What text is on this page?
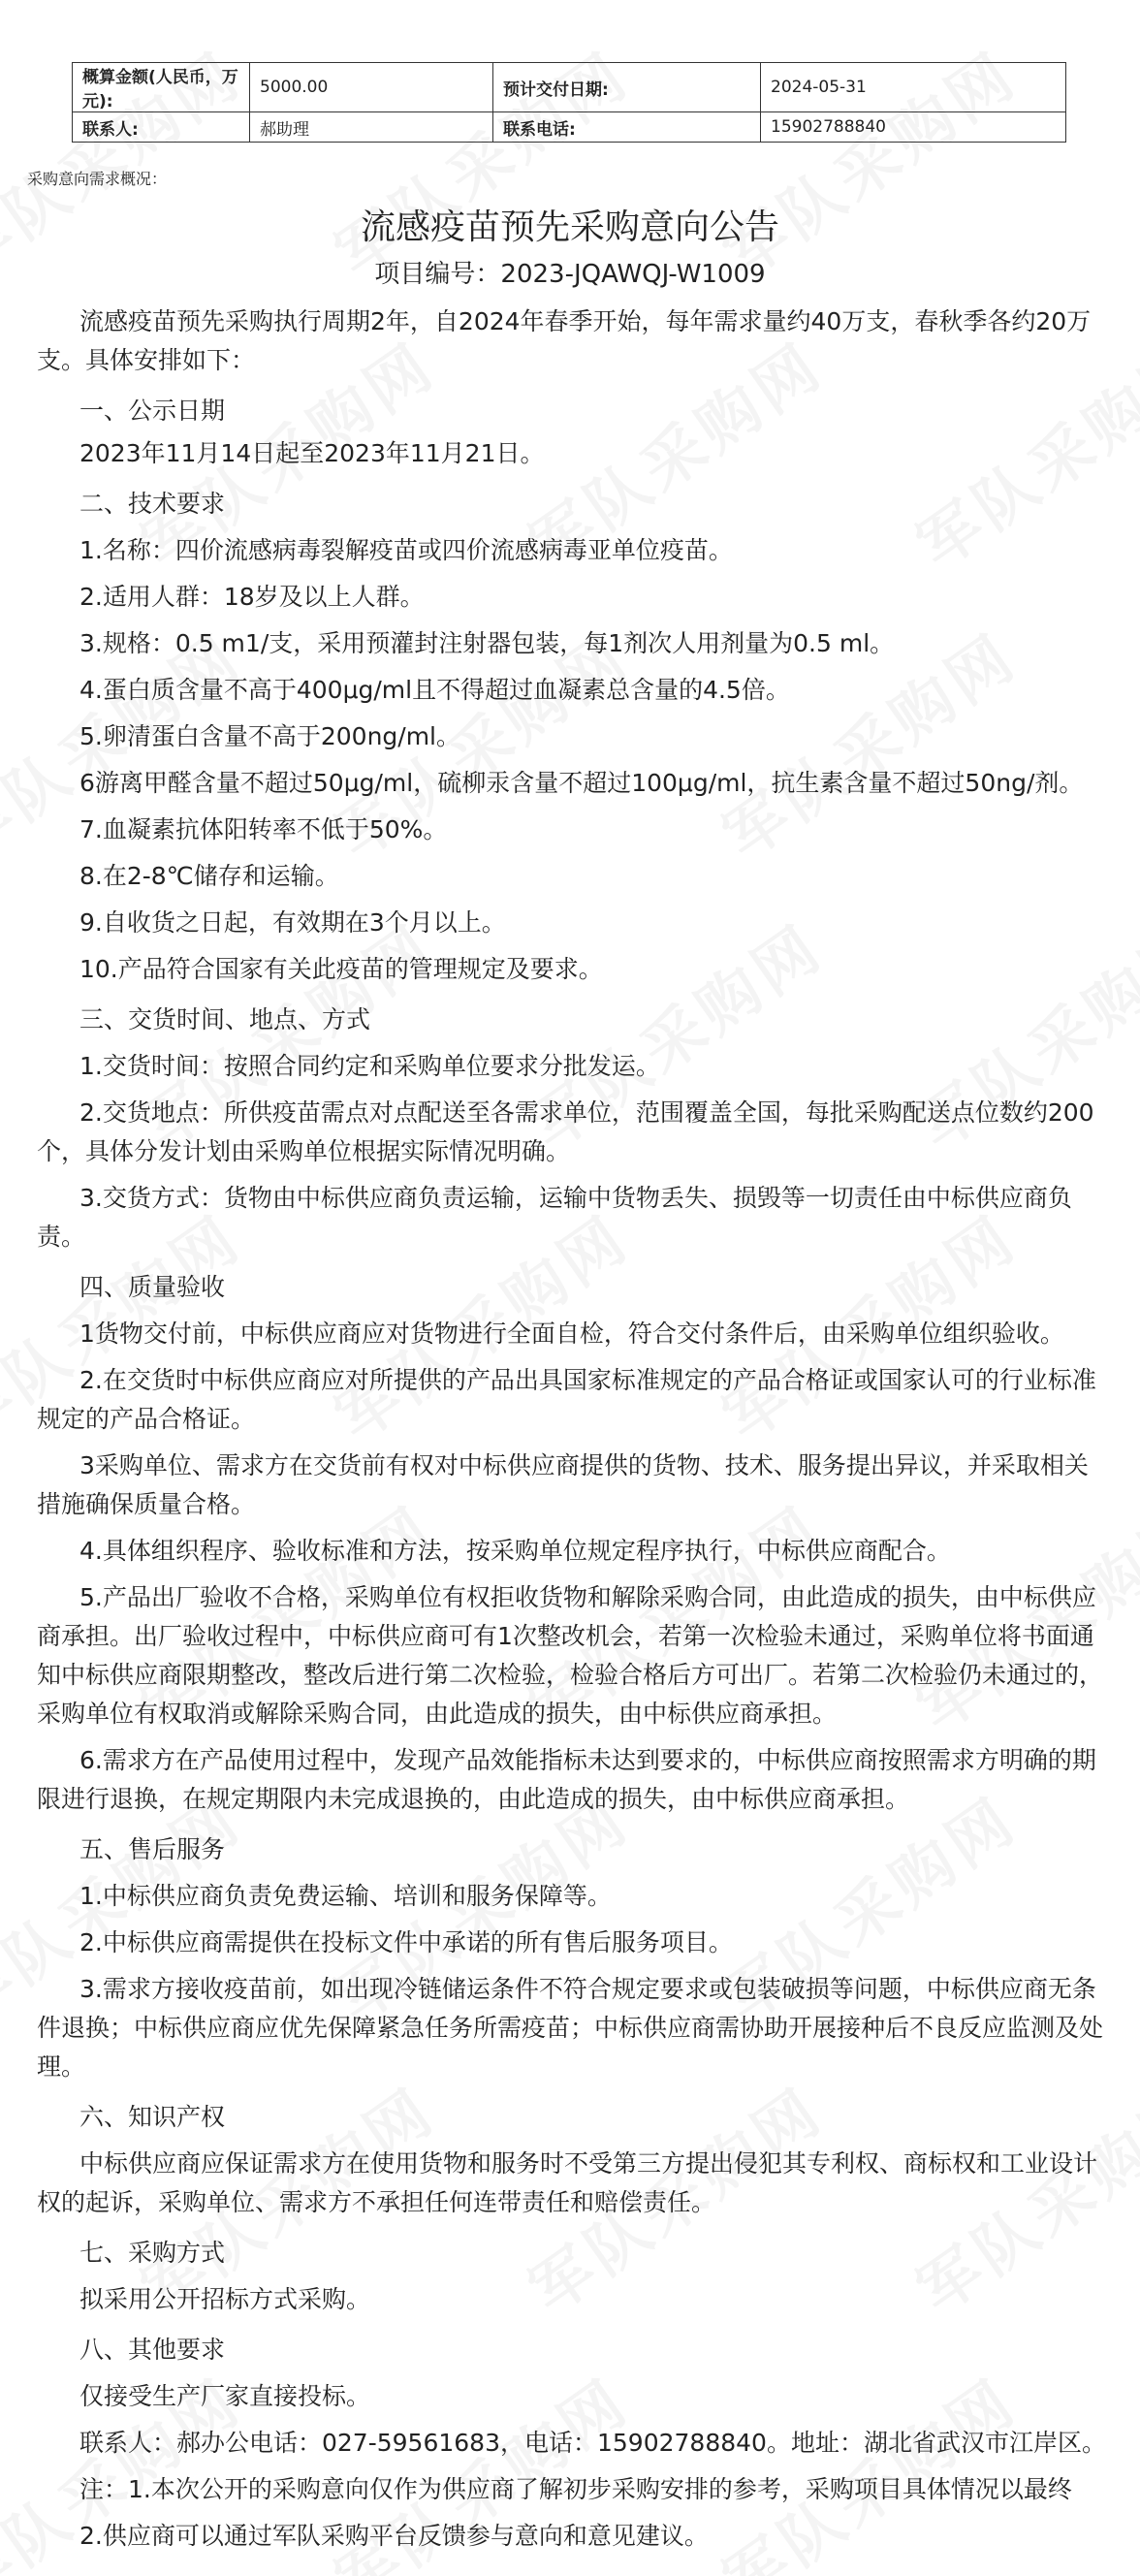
概算金额(人民币，万元):	5000.00	预计交付日期:	2024-05-31
联系人:	郝助理	联系电话:	15902788840
采购意向需求概况：
流感疫苗预先采购意向公告
项目编号：2023-JQAWQJ-W1009

流感疫苗预先采购执行周期2年，自2024年春季开始，每年需求量约40万支，春秋季各约20万支。具体安排如下：

一、公示日期

2023年11月14日起至2023年11月21日。

二、技术要求

1.名称：四价流感病毒裂解疫苗或四价流感病毒亚单位疫苗。

2.适用人群：18岁及以上人群。

3.规格：0.5 m1/支，采用预灌封注射器包装，每1剂次人用剂量为0.5 ml。

4.蛋白质含量不高于400μg/ml且不得超过血凝素总含量的4.5倍。

5.卵清蛋白含量不高于200ng/ml。

6游离甲醛含量不超过50μg/ml，硫柳汞含量不超过100μg/ml，抗生素含量不超过50ng/剂。

7.血凝素抗体阳转率不低于50%。

8.在2-8℃储存和运输。

9.自收货之日起，有效期在3个月以上。

10.产品符合国家有关此疫苗的管理规定及要求。

三、交货时间、地点、方式

1.交货时间：按照合同约定和采购单位要求分批发运。

2.交货地点：所供疫苗需点对点配送至各需求单位，范围覆盖全国，每批采购配送点位数约200个，具体分发计划由采购单位根据实际情况明确。

3.交货方式：货物由中标供应商负责运输，运输中货物丢失、损毁等一切责任由中标供应商负责。

四、质量验收

1货物交付前，中标供应商应对货物进行全面自检，符合交付条件后，由采购单位组织验收。

2.在交货时中标供应商应对所提供的产品出具国家标准规定的产品合格证或国家认可的行业标准规定的产品合格证。

3采购单位、需求方在交货前有权对中标供应商提供的货物、技术、服务提出异议，并采取相关措施确保质量合格。

4.具体组织程序、验收标准和方法，按采购单位规定程序执行，中标供应商配合。

5.产品出厂验收不合格，采购单位有权拒收货物和解除采购合同，由此造成的损失，由中标供应商承担。出厂验收过程中，中标供应商可有1次整改机会，若第一次检验未通过，采购单位将书面通知中标供应商限期整改，整改后进行第二次检验，检验合格后方可出厂。若第二次检验仍未通过的，采购单位有权取消或解除采购合同，由此造成的损失，由中标供应商承担。

6.需求方在产品使用过程中，发现产品效能指标未达到要求的，中标供应商按照需求方明确的期限进行退换，在规定期限内未完成退换的，由此造成的损失，由中标供应商承担。

五、售后服务

1.中标供应商负责免费运输、培训和服务保障等。

2.中标供应商需提供在投标文件中承诺的所有售后服务项目。

3.需求方接收疫苗前，如出现冷链储运条件不符合规定要求或包装破损等问题，中标供应商无条件退换；中标供应商应优先保障紧急任务所需疫苗；中标供应商需协助开展接种后不良反应监测及处理。

六、知识产权

中标供应商应保证需求方在使用货物和服务时不受第三方提出侵犯其专利权、商标权和工业设计权的起诉，采购单位、需求方不承担任何连带责任和赔偿责任。

七、采购方式

拟采用公开招标方式采购。

八、其他要求

仅接受生产厂家直接投标。

联系人：郝办公电话：027-59561683，电话：15902788840。地址：湖北省武汉市江岸区。

注：1.本次公开的采购意向仅作为供应商了解初步采购安排的参考，采购项目具体情况以最终

2.供应商可以通过军队采购平台反馈参与意向和意见建议。
